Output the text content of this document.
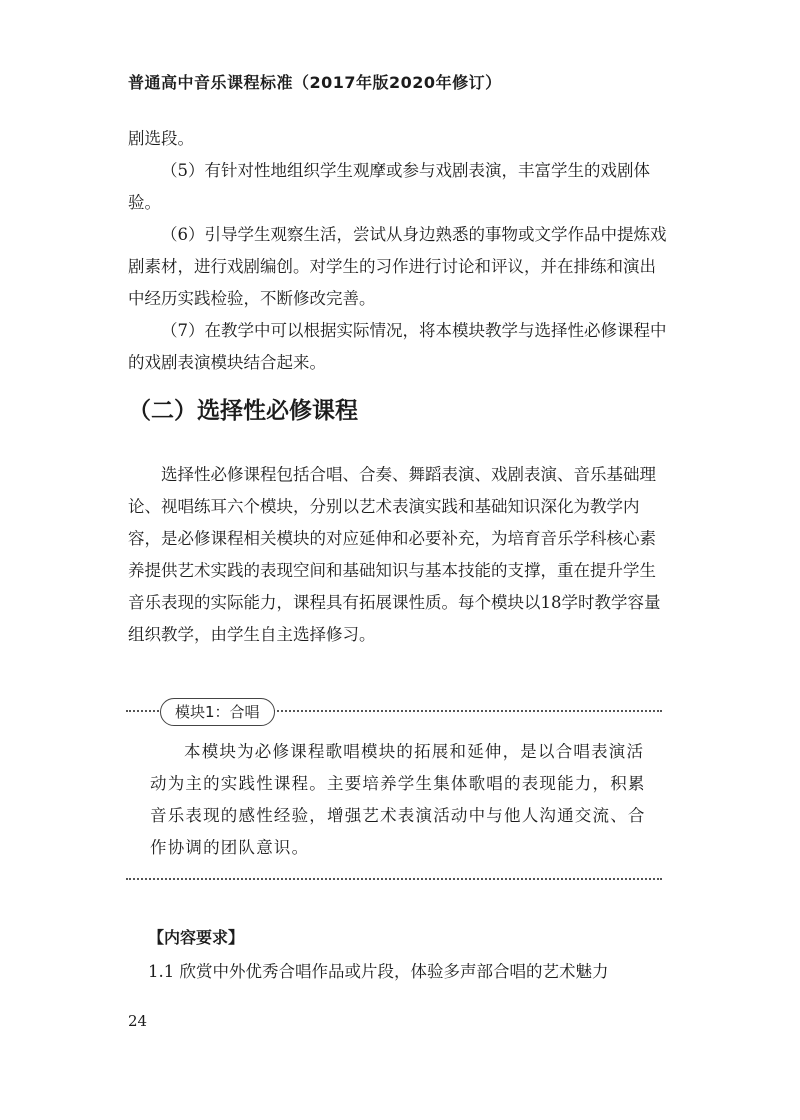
普通高中音乐课程标准（2017年版2020年修订）

剧选段。

（5）有针对性地组织学生观摩或参与戏剧表演，丰富学生的戏剧体验。

（6）引导学生观察生活，尝试从身边熟悉的事物或文学作品中提炼戏剧素材，进行戏剧编创。对学生的习作进行讨论和评议，并在排练和演出中经历实践检验，不断修改完善。

（7）在教学中可以根据实际情况，将本模块教学与选择性必修课程中的戏剧表演模块结合起来。

（二）选择性必修课程

选择性必修课程包括合唱、合奏、舞蹈表演、戏剧表演、音乐基础理论、视唱练耳六个模块，分别以艺术表演实践和基础知识深化为教学内容，是必修课程相关模块的对应延伸和必要补充，为培育音乐学科核心素养提供艺术实践的表现空间和基础知识与基本技能的支撑，重在提升学生音乐表现的实际能力，课程具有拓展课性质。每个模块以18学时教学容量组织教学，由学生自主选择修习。

模块1：合唱

本模块为必修课程歌唱模块的拓展和延伸，是以合唱表演活动为主的实践性课程。主要培养学生集体歌唱的表现能力，积累音乐表现的感性经验，增强艺术表演活动中与他人沟通交流、合作协调的团队意识。

【内容要求】
1.1 欣赏中外优秀合唱作品或片段，体验多声部合唱的艺术魅力
24
